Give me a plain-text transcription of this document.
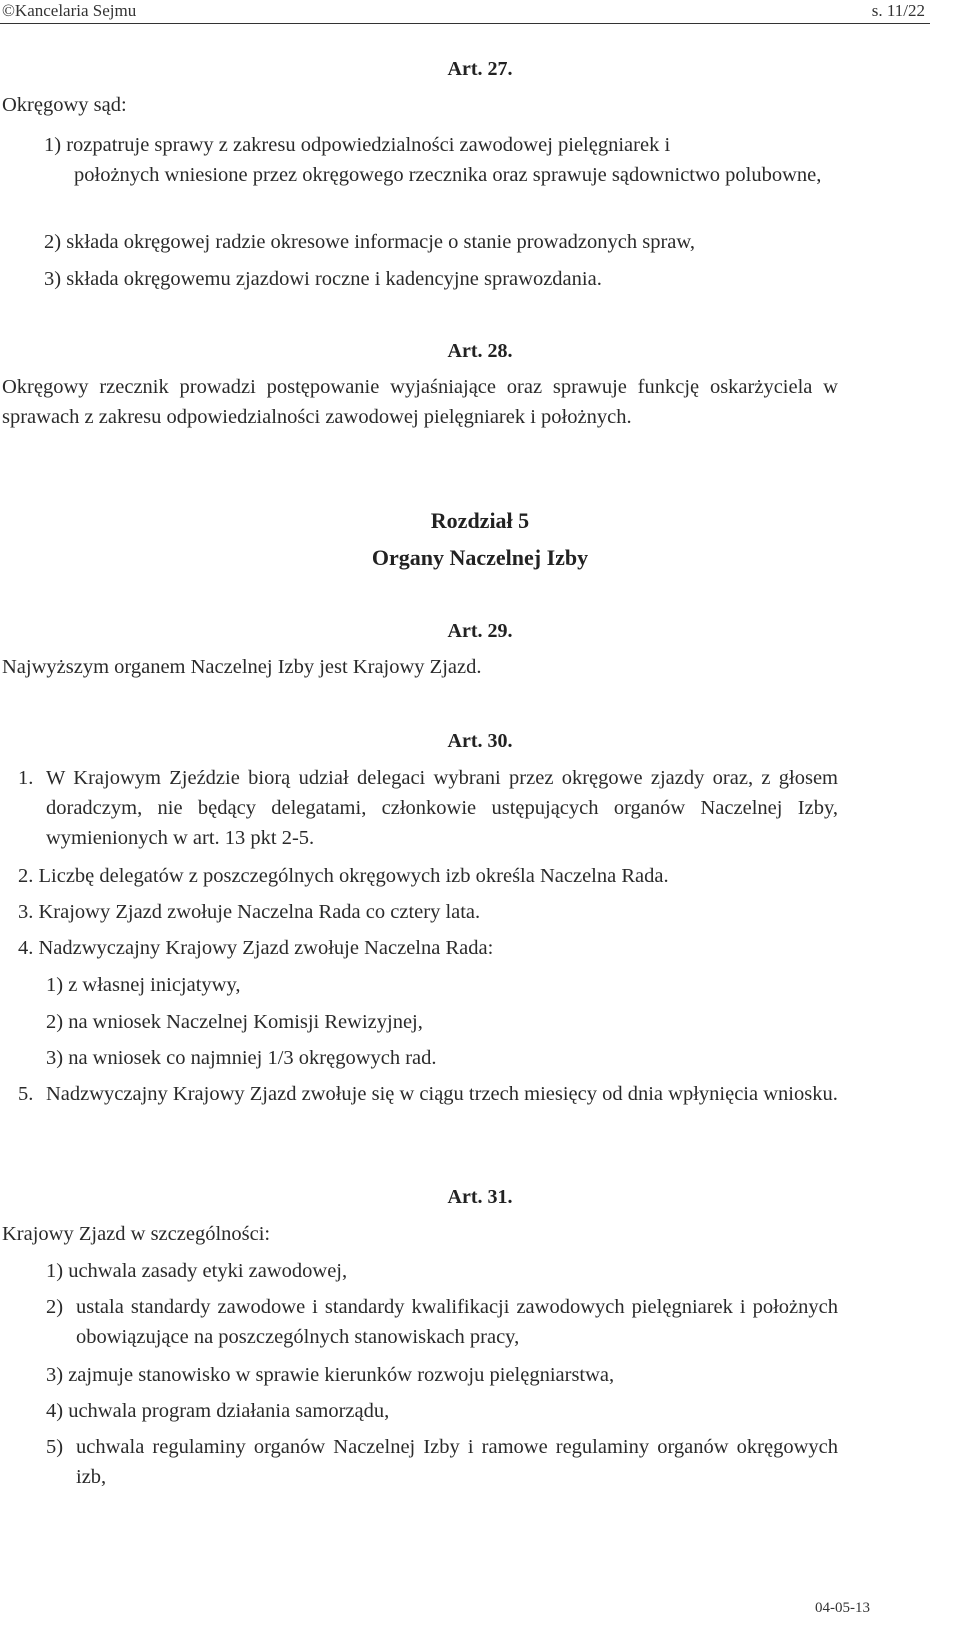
©Kancelaria Sejmu	s. 11/22
Art. 27.
Okręgowy sąd:
1) rozpatruje sprawy z zakresu odpowiedzialności zawodowej pielęgniarek i
położnych wniesione przez okręgowego rzecznika oraz sprawuje sądownictwo polubowne,
2) składa okręgowej radzie okresowe informacje o stanie prowadzonych spraw,
3) składa okręgowemu zjazdowi roczne i kadencyjne sprawozdania.
Art. 28.
Okręgowy rzecznik prowadzi postępowanie wyjaśniające oraz sprawuje funkcję oskarżyciela w sprawach z zakresu odpowiedzialności zawodowej pielęgniarek i położnych.
Rozdział 5
Organy Naczelnej Izby
Art. 29.
Najwyższym organem Naczelnej Izby jest Krajowy Zjazd.
Art. 30.
1. W Krajowym Zjeździe biorą udział delegaci wybrani przez okręgowe zjazdy oraz, z głosem doradczym, nie będący delegatami, członkowie ustępujących organów Naczelnej Izby, wymienionych w art. 13 pkt 2-5.
2. Liczbę delegatów z poszczególnych okręgowych izb określa Naczelna Rada.
3. Krajowy Zjazd zwołuje Naczelna Rada co cztery lata.
4. Nadzwyczajny Krajowy Zjazd zwołuje Naczelna Rada:
1) z własnej inicjatywy,
2) na wniosek Naczelnej Komisji Rewizyjnej,
3) na wniosek co najmniej 1/3 okręgowych rad.
5. Nadzwyczajny Krajowy Zjazd zwołuje się w ciągu trzech miesięcy od dnia wpłynięcia wniosku.
Art. 31.
Krajowy Zjazd w szczególności:
1) uchwala zasady etyki zawodowej,
2) ustala standardy zawodowe i standardy kwalifikacji zawodowych pielęgniarek i położnych obowiązujące na poszczególnych stanowiskach pracy,
3) zajmuje stanowisko w sprawie kierunków rozwoju pielęgniarstwa,
4) uchwala program działania samorządu,
5) uchwala regulaminy organów Naczelnej Izby i ramowe regulaminy organów okręgowych izb,
04-05-13
